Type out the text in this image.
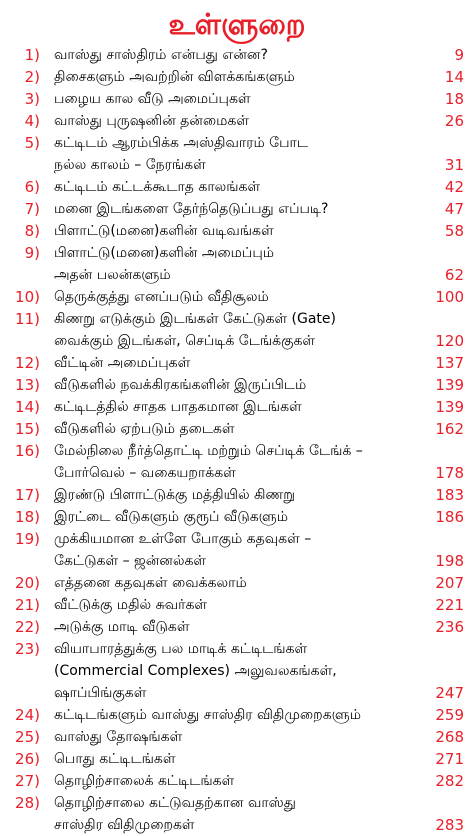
உள்ளுறை
1) வாஸ்து சாஸ்திரம் என்பது என்ன?	9
2) திசைகளும் அவற்றின் விளக்கங்களும்	14
3) பழைய கால வீடு அமைப்புகள்	18
4) வாஸ்து புருஷனின் தன்மைகள்	26
5) கட்டிடம் ஆரம்பிக்க அஸ்திவாரம் போட
நல்ல காலம் – நேரங்கள்	31
6) கட்டிடம் கட்டக்கூடாத காலங்கள்	42
7) மனை இடங்களை தேர்ந்தெடுப்பது எப்படி?	47
8) பிளாட்டு(மனை)களின் வடிவங்கள்	58
9) பிளாட்டு(மனை)களின் அமைப்பும்
அதன் பலன்களும்	62
10) தெருக்குத்து எனப்படும் வீதிசூலம்	100
11) கிணறு எடுக்கும் இடங்கள் கேட்டுகள் (Gate)
வைக்கும் இடங்கள், செப்டிக் டேங்க்குகள்	120
12) வீட்டின் அமைப்புகள்	137
13) வீடுகளில் நவக்கிரகங்களின் இருப்பிடம்	139
14) கட்டிடத்தில் சாதக பாதகமான இடங்கள்	139
15) வீடுகளில் ஏற்படும் தடைகள்	162
16) மேல்நிலை நீர்த்தொட்டி மற்றும் செப்டிக் டேங்க் –
போர்வெல் – வகையறாக்கள்	178
17) இரண்டு பிளாட்டுக்கு மத்தியில் கிணறு	183
18) இரட்டை வீடுகளும் குரூப் வீடுகளும்	186
19) முக்கியமான உள்ளே போகும் கதவுகள் –
கேட்டுகள் – ஜன்னல்கள்	198
20) எத்தனை கதவுகள் வைக்கலாம்	207
21) வீட்டுக்கு மதில் சுவர்கள்	221
22) அடுக்கு மாடி வீடுகள்	236
23) வியாபாரத்துக்கு பல மாடிக் கட்டிடங்கள்
(Commercial Complexes) அலுவலகங்கள்,
ஷாப்பிங்குகள்	247
24) கட்டிடங்களும் வாஸ்து சாஸ்திர விதிமுறைகளும்	259
25) வாஸ்து தோஷங்கள்	268
26) பொது கட்டிடங்கள்	271
27) தொழிற்சாலைக் கட்டிடங்கள்	282
28) தொழிற்சாலை கட்டுவதற்கான வாஸ்து
சாஸ்திர விதிமுறைகள்	283
